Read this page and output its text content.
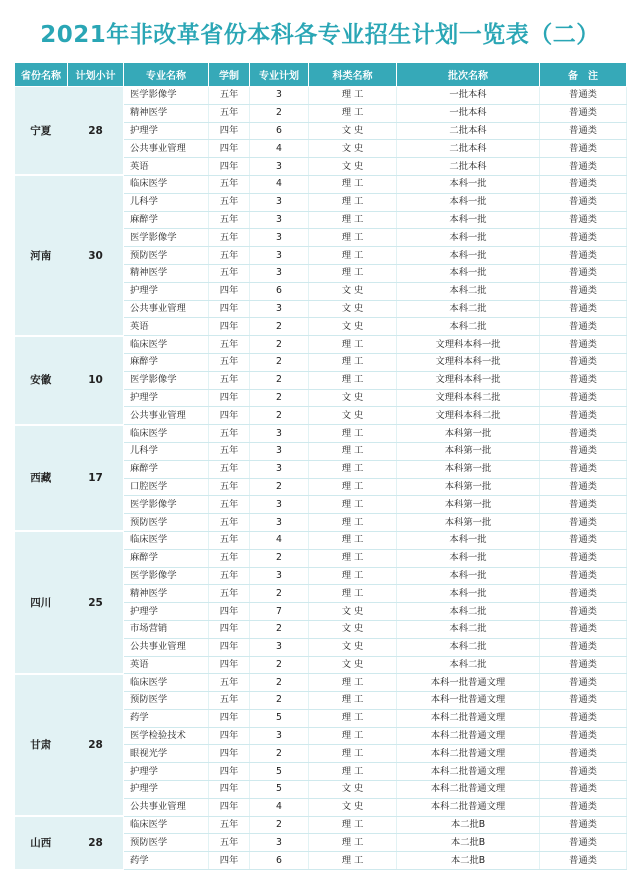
2021年非改革省份本科各专业招生计划一览表（二）
省份名称	计划小计	专业名称	学制	专业计划	科类名称	批次名称	备　注
宁夏	28	医学影像学	五年	3	理 工	一批本科	普通类
		精神医学	五年	2	理 工	一批本科	普通类
		护理学	四年	6	文 史	二批本科	普通类
		公共事业管理	四年	4	文 史	二批本科	普通类
		英语	四年	3	文 史	二批本科	普通类
河南	30	临床医学	五年	4	理 工	本科一批	普通类
		儿科学	五年	3	理 工	本科一批	普通类
		麻醉学	五年	3	理 工	本科一批	普通类
		医学影像学	五年	3	理 工	本科一批	普通类
		预防医学	五年	3	理 工	本科一批	普通类
		精神医学	五年	3	理 工	本科一批	普通类
		护理学	四年	6	文 史	本科二批	普通类
		公共事业管理	四年	3	文 史	本科二批	普通类
		英语	四年	2	文 史	本科二批	普通类
安徽	10	临床医学	五年	2	理 工	文理科本科一批	普通类
		麻醉学	五年	2	理 工	文理科本科一批	普通类
		医学影像学	五年	2	理 工	文理科本科一批	普通类
		护理学	四年	2	文 史	文理科本科二批	普通类
		公共事业管理	四年	2	文 史	文理科本科二批	普通类
西藏	17	临床医学	五年	3	理 工	本科第一批	普通类
		儿科学	五年	3	理 工	本科第一批	普通类
		麻醉学	五年	3	理 工	本科第一批	普通类
		口腔医学	五年	2	理 工	本科第一批	普通类
		医学影像学	五年	3	理 工	本科第一批	普通类
		预防医学	五年	3	理 工	本科第一批	普通类
四川	25	临床医学	五年	4	理 工	本科一批	普通类
		麻醉学	五年	2	理 工	本科一批	普通类
		医学影像学	五年	3	理 工	本科一批	普通类
		精神医学	五年	2	理 工	本科一批	普通类
		护理学	四年	7	文 史	本科二批	普通类
		市场营销	四年	2	文 史	本科二批	普通类
		公共事业管理	四年	3	文 史	本科二批	普通类
		英语	四年	2	文 史	本科二批	普通类
甘肃	28	临床医学	五年	2	理 工	本科一批普通文理	普通类
		预防医学	五年	2	理 工	本科一批普通文理	普通类
		药学	四年	5	理 工	本科二批普通文理	普通类
		医学检验技术	四年	3	理 工	本科二批普通文理	普通类
		眼视光学	四年	2	理 工	本科二批普通文理	普通类
		护理学	四年	5	理 工	本科二批普通文理	普通类
		护理学	四年	5	文 史	本科二批普通文理	普通类
		公共事业管理	四年	4	文 史	本科二批普通文理	普通类
山西	28	临床医学	五年	2	理 工	本二批B	普通类
		预防医学	五年	3	理 工	本二批B	普通类
		药学	四年	6	理 工	本二批B	普通类
